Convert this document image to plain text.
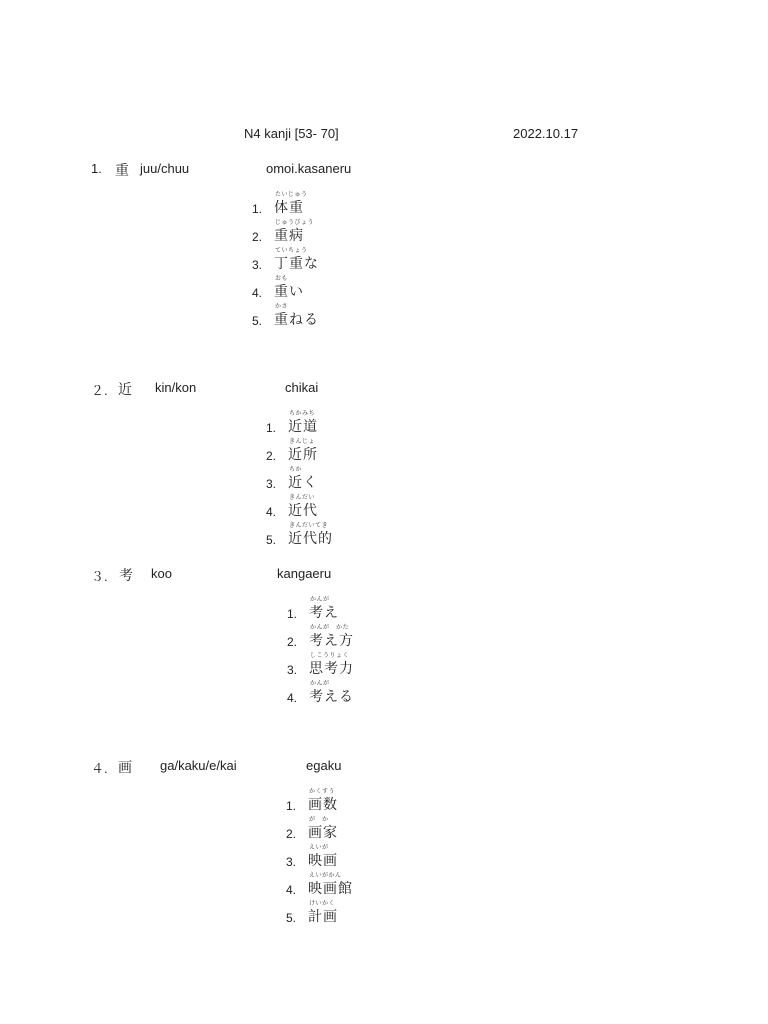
N4 kanji [53- 70]	2022.10.17
1. 重 juu/chuu	omoi.kasaneru
1.
たいじゅう
体重
2.
じゅうびょう
重病
3.
ていちょう
丁重な
4.
おも
重い
5.
かさ
重ねる
２. 近 kin/kon	chikai
1.
ちかみち
近道
2.
きんじょ
近所
3.
ちか
近く
4.
きんだい
近代
5.
きんだいてき
近代的
３. 考 koo	kangaeru
1.
かんが
考え
2.
かんが　かた
考え方
3.
しこうりょく
思考力
4.
かんが
考える
４. 画 ga/kaku/e/kai	egaku
1.
かくすう
画数
2.
が　か
画家
3.
えいが
映画
4.
えいがかん
映画館
5.
けいかく
計画
